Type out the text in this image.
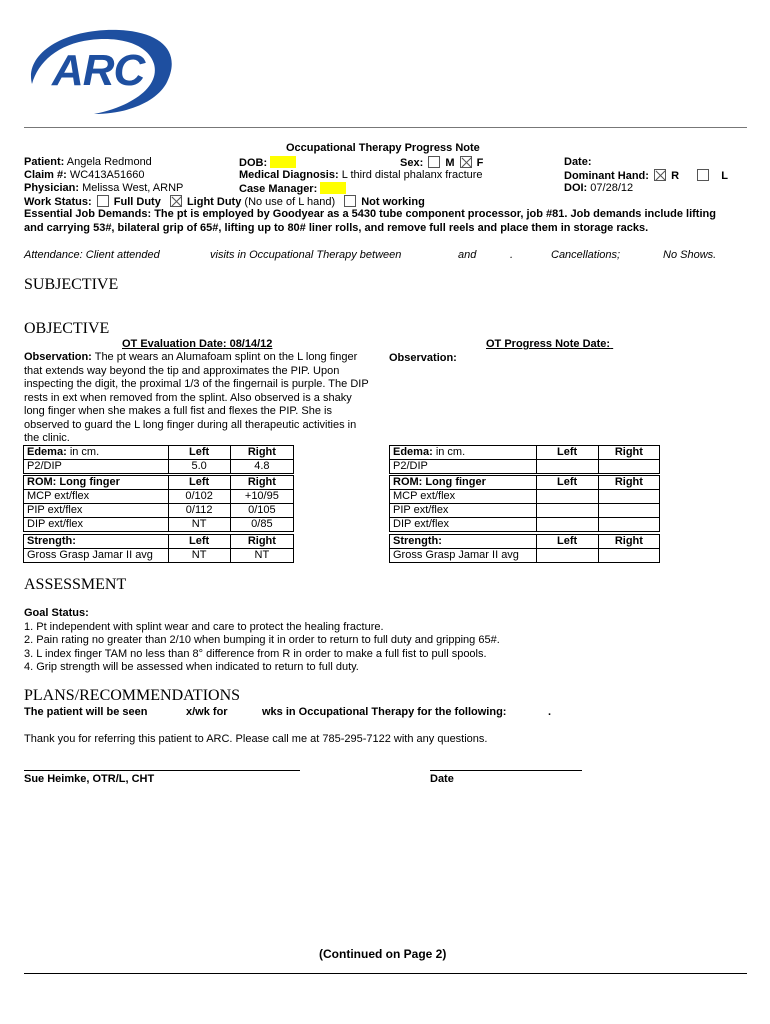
ARC
Occupational Therapy Progress Note
Patient: Angela Redmond
Claim #: WC413A51660
Physician: Melissa West, ARNP
DOB:	Sex: M F
Medical Diagnosis: L third distal phalanx fracture
Case Manager:
Date:
Dominant Hand: R	L
DOI: 07/28/12
Work Status: Full Duty Light Duty (No use of L hand) Not working
Essential Job Demands: The pt is employed by Goodyear as a 5430 tube component processor, job #81. Job demands include lifting
and carrying 53#, bilateral grip of 65#, lifting up to 80# liner rolls, and remove full reels and place them in storage racks.
Attendance: Client attended	visits in Occupational Therapy between	and	.	Cancellations;	No Shows.
SUBJECTIVE
OBJECTIVE
OT Evaluation Date: 08/14/12	OT Progress Note Date:
Observation: The pt wears an Alumafoam splint on the L long finger that extends way beyond the tip and approximates the PIP. Upon inspecting the digit, the proximal 1/3 of the fingernail is purple. The DIP rests in ext when removed from the splint. Also observed is a shaky long finger when she makes a full fist and flexes the PIP. She is observed to guard the L long finger during all therapeutic activities in the clinic.
Observation:
Edema: in cm.	Left	Right
P2/DIP	5.0	4.8
ROM: Long finger	Left	Right
MCP ext/flex	0/102	+10/95
PIP ext/flex	0/112	0/105
DIP ext/flex	NT	0/85
Strength:	Left	Right
Gross Grasp Jamar II avg	NT	NT
Edema: in cm.	Left	Right
P2/DIP		
ROM: Long finger	Left	Right
MCP ext/flex		
PIP ext/flex		
DIP ext/flex		
Strength:	Left	Right
Gross Grasp Jamar II avg		
ASSESSMENT
Goal Status:
1. Pt independent with splint wear and care to protect the healing fracture.
2. Pain rating no greater than 2/10 when bumping it in order to return to full duty and gripping 65#.
3. L index finger TAM no less than 8° difference from R in order to make a full fist to pull spools.
4. Grip strength will be assessed when indicated to return to full duty.
PLANS/RECOMMENDATIONS
The patient will be seen	x/wk for	wks in Occupational Therapy for the following:	.
Thank you for referring this patient to ARC. Please call me at 785-295-7122 with any questions.
Sue Heimke, OTR/L, CHT	Date
(Continued on Page 2)
